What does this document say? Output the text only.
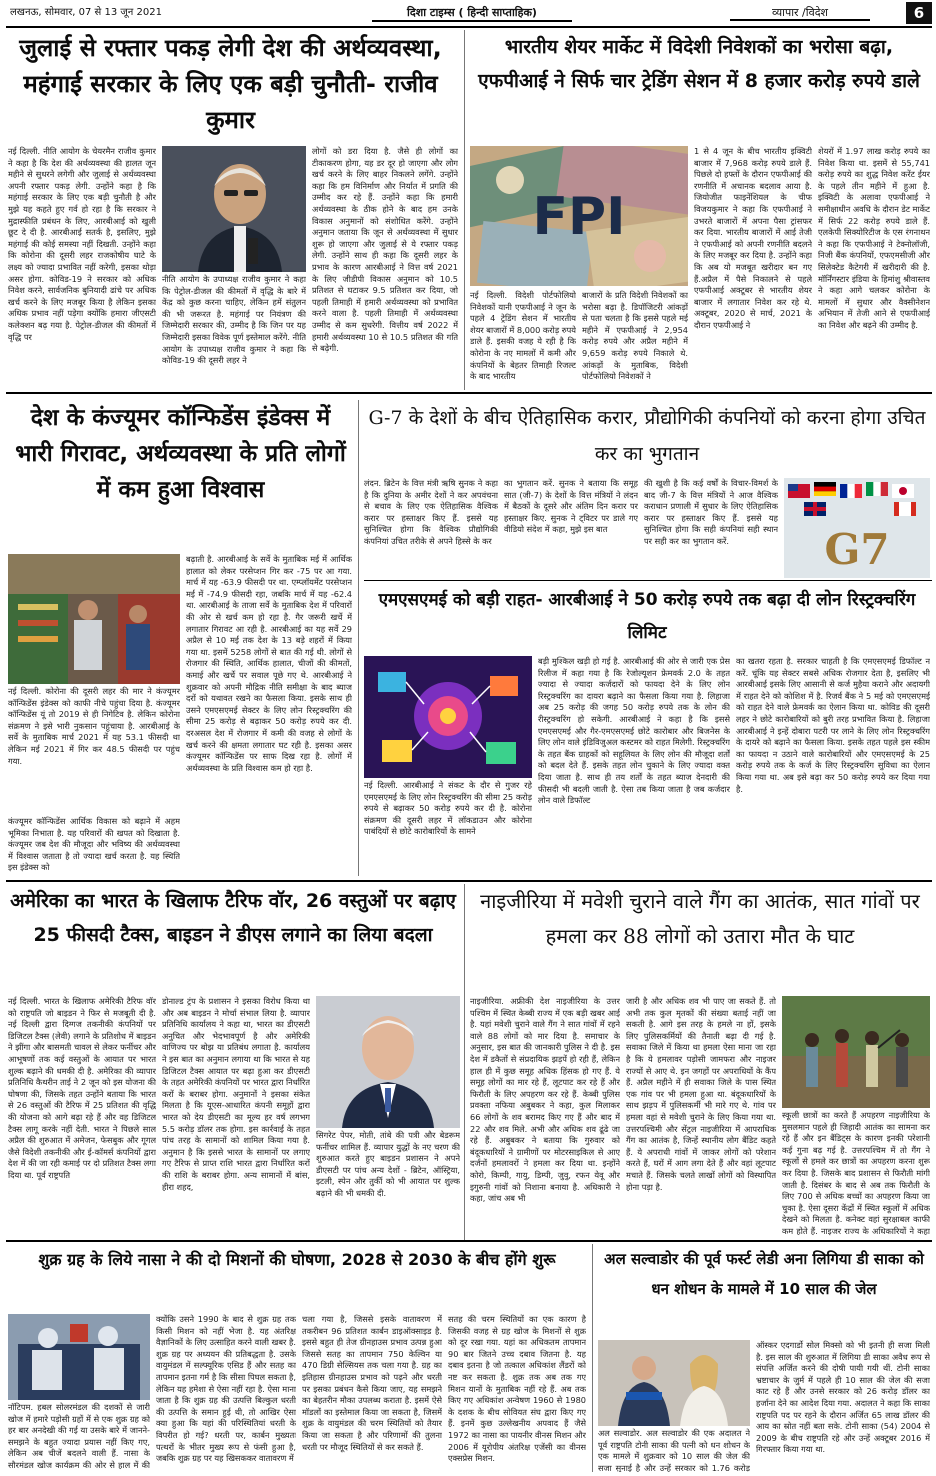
लखनऊ, सोमवार, 07 से 13 जून 2021	दिशा टाइम्स ( हिन्दी साप्ताहिक)	व्यापार /विदेश	6
जुलाई से रफ्तार पकड़ लेगी देश की अर्थव्यवस्था, महंगाई सरकार के लिए एक बड़ी चुनौती- राजीव कुमार
नई दिल्ली. नीति आयोग के चेयरमैन राजीव कुमार ने कहा है कि देश की अर्थव्यवस्था की हालत जून महीने से सुधरने लगेगी और जुलाई से अर्थव्यवस्था अपनी रफ्तार पकड़ लेगी. उन्होंने कहा है कि महंगाई सरकार के लिए एक बड़ी चुनौती है और मुझे यह कहते हुए गर्व हो रहा है कि सरकार ने मुद्रास्फीति प्रबंधन के लिए, आरबीआई को खुली छूट दे दी है. आरबीआई सतर्क है, इसलिए, मुझे महंगाई की कोई समस्या नहीं दिखती. उन्होंने कहा कि कोरोना की दूसरी लहर राजकोषीय घाटे के लक्ष्य को ज्यादा प्रभावित नहीं करेगी, इसका थोड़ा असर होगा. कोविड-19 ने सरकार को अधिक निवेश करने, सार्वजनिक बुनियादी ढांचे पर अधिक खर्च करने के लिए मजबूर किया है लेकिन इसका अधिक प्रभाव नहीं पड़ेगा क्योंकि हमारा जीएसटी कलेक्शन बढ़ गया है. पेट्रोल-डीजल की कीमतों में वृद्धि पर
नीति आयोग के उपाध्यक्ष राजीव कुमार ने कहा कि पेट्रोल-डीजल की कीमतों में वृद्धि के बारे में केंद्र को कुछ करना चाहिए, लेकिन हमें संतुलन की भी जरूरत है. महंगाई पर नियंत्रण की जिम्मेदारी सरकार की, उम्मीद है कि जिन पर यह जिम्मेदारी इसका विवेक पूर्ण इस्तेमाल करेंगे. नीति आयोग के उपाध्यक्ष राजीव कुमार ने कहा कि कोविड-19 की दूसरी लहर ने
लोगों को डरा दिया है. जैसे ही लोगों का टीकाकरण होगा, यह डर दूर हो जाएगा और लोग खर्च करने के लिए बाहर निकलने लगेंगे. उन्होंने कहा कि हम विनिर्माण और निर्यात में प्रगति की उम्मीद कर रहे हैं. उन्होंने कहा कि हमारी अर्थव्यवस्था के ठीक होने के बाद हम उनके विकास अनुमानों को संशोधित करेंगे. उन्होंने अनुमान जताया कि जून से अर्थव्यवस्था में सुधार शुरू हो जाएगा और जुलाई से ये रफ्तार पकड़ लेगी. उन्होंने साथ ही कहा कि दूसरी लहर के प्रभाव के कारण आरबीआई ने वित्त वर्ष 2021 के लिए जीडीपी विकास अनुमान को 10.5 प्रतिशत से घटाकर 9.5 प्रतिशत कर दिया, जो पहली तिमाही में हमारी अर्थव्यवस्था को प्रभावित करने वाला है. पहली तिमाही में अर्थव्यवस्था उम्मीद से कम सुधरेगी. वित्तीय वर्ष 2022 में हमारी अर्थव्यवस्था 10 से 10.5 प्रतिशत की गति से बढ़ेगी.
भारतीय शेयर मार्केट में विदेशी निवेशकों का भरोसा बढ़ा, एफपीआई ने सिर्फ चार ट्रेडिंग सेशन में 8 हजार करोड़ रुपये डाले
FPI
1 से 4 जून के बीच भारतीय इक्विटी बाजार में 7,968 करोड़ रुपये डाले हैं. पिछले दो हफ्तों के दौरान एफपीआई की रणनीति में अचानक बदलाव आया है. जियोजीत फाइनेंशियल के चीफ विजयकुमार ने कहा कि एफपीआई ने उभरते बाजारों में अपना पैसा ट्रांसफर कर दिया. भारतीय बाजारों में आई तेजी ने एफपीआई को अपनी रणनीति बदलने के लिए मजबूर कर दिया है. उन्होंने कहा कि अब यो मजबूत खरीदार बन गए हैं.अप्रैल में पैसे निकालने से पहले एफपीआई अक्टूबर से भारतीय शेयर बाजार में लगातार निवेश कर रहे थे. अक्टूबर, 2020 से मार्च, 2021 के दौरान एफपीआई ने
शेयरों में 1.97 लाख करोड़ रुपये का निवेश किया था. इसमें से 55,741 करोड़ रुपये का शुद्ध निवेश करेंट ईयर के पहले तीन महीने में हुआ है. इक्विटी के अलावा एफपीआई ने समीक्षाधीन अवधि के दौरान डेट मार्केट में सिर्फ 22 करोड़ रुपये डाले हैं. एलकेपी सिक्योरिटीज के एस रंगनाथन ने कहा कि एफपीआई ने टेक्नोलॉजी, निजी बैंक कंपनियों, एफएमसीजी और सिलेक्टेड कैटेगरी में खरीदारी की है. मॉर्निंगस्टार इंडिया के हिमांशु श्रीवास्तव ने कहा आगे चलकर कोरोना के मामलों में सुधार और वैक्सीनेशन अभियान में तेजी आने से एफपीआई का निवेश और बढ़ने की उम्मीद है.
नई दिल्ली. विदेशी पोर्टफोलियो निवेशकों यानी एफपीआई ने जून के पहले 4 ट्रेडिंग सेशन में भारतीय शेयर बाजारों में 8,000 करोड़ रुपये डाले हैं. इसकी वजह ये रही है कि कोरोना के नए मामलों में कमी और कंपनियों के बेहतर तिमाही रिजल्ट के बाद भारतीय
बाजारों के प्रति विदेशी निवेशकों का भरोसा बढ़ा है. डिपॉजिटरी आंकड़ों से पता चलता है कि इससे पहले मई महीने में एफपीआई ने 2,954 करोड़ रुपये और अप्रैल महीने में 9,659 करोड़ रुपये निकाले थे. आंकड़ों के मुताबिक, विदेशी पोर्टफोलियो निवेशकों ने
देश के कंज्यूमर कॉन्फिडेंस इंडेक्स में भारी गिरावट, अर्थव्यवस्था के प्रति लोगों में कम हुआ विश्वास
नई दिल्ली. कोरोना की दूसरी लहर की मार ने कंज्यूमर कॉन्फिडेंस इंडेक्स को काफी नीचे पहुंचा दिया है. कंज्यूमर कॉन्फिडेंस यूं तो 2019 से ही निगेटिव है. लेकिन कोरोना संक्रमण ने इसे भारी नुकसान पहुंचाया है. आरबीआई के सर्वे के मुताबिक मार्च 2021 में यह 53.1 फीसदी था लेकिन मई 2021 में गिर कर 48.5 फीसदी पर पहुंच गया.
कंज्यूमर कॉन्फिडेंस आर्थिक विकास को बढ़ाने में अहम भूमिका निभाता है. यह परिवारों की खपत को दिखाता है. कंज्यूमर जब देश की मौजूदा और भविष्य की अर्थव्यवस्था में विश्वास जताता है तो ज्यादा खर्च करता है. यह स्थिति इस इंडेक्स को
बढ़ाती है. आरबीआई के सर्वे के मुताबिक मई में आर्थिक हालात को लेकर परसेप्शन गिर कर -75 पर आ गया. मार्च में यह -63.9 फीसदी पर था. एम्प्लॉयमेंट परसेप्शन मई में -74.9 फीसदी रहा, जबकि मार्च में यह -62.4 था. आरबीआई के ताजा सर्वे के मुताबिक देश में परिवारों की ओर से खर्च कम हो रहा है. गैर जरूरी खर्चे में लगातार गिरावट आ रही है. आरबीआई का यह सर्वे 29 अप्रैल से 10 मई तक देश के 13 बड़े शहरों में किया गया था. इसमें 5258 लोगों से बात की गई थी. लोगों से रोजगार की स्थिति, आर्थिक हालात, चीजों की कीमतों, कमाई और खर्चे पर सवाल पूछे गए थे. आरबीआई ने शुक्रवार को अपनी मौद्रिक नीति समीक्षा के बाद ब्याज दरों को यथावत रखने का फैसला किया. इसके साथ ही उसने एमएसएमई सेक्टर के लिए लोन रिस्ट्रक्चरिंग की सीमा 25 करोड़ से बढ़ाकर 50 करोड़ रुपये कर दी. दरअसल देश में रोजगार में कमी की वजह से लोगों के खर्च करने की क्षमता लगातार घट रही है. इसका असर कंज्यूमर कॉन्फिडेंस पर साफ दिख रहा है. लोगों में अर्थव्यवस्था के प्रति विश्वास कम हो रहा है.
G-7 के देशों के बीच ऐतिहासिक करार, प्रौद्योगिकी कंपनियों को करना होगा उचित कर का भुगतान
लंदन. ब्रिटेन के वित्त मंत्री ऋषि सुनक ने कहा है कि दुनिया के अमीर देशों ने कर अपवंचना से बचाव के लिए एक ऐतिहासिक वैश्विक करार पर हस्ताक्षर किए हैं. इससे यह सुनिश्चित होगा कि वैश्विक प्रौद्योगिकी कंपनियां उचित तरीके से अपने हिस्से के कर
का भुगतान करें. सुनक ने बताया कि समूह सात (जी-7) के देशों के वित्त मंत्रियों ने लंदन में बैठकों के दूसरे और अंतिम दिन करार पर हस्ताक्षर किए. सुनक ने ट्विटर पर डाले गए वीडियो संदेश में कहा, मुझे इस बात
की खुशी है कि कई वर्षों के विचार-विमर्श के बाद जी-7 के वित्त मंत्रियों ने आज वैश्विक कराधान प्रणाली में सुधार के लिए ऐतिहासिक करार पर हस्ताक्षर किए हैं. इससे यह सुनिश्चित होगा कि सही कंपनियां सही स्थान पर सही कर का भुगतान करें.	G7
एमएसएमई को बड़ी राहत- आरबीआई ने 50 करोड़ रुपये तक बढ़ा दी लोन रिस्ट्रक्चरिंग लिमिट
नई दिल्ली. आरबीआई ने संकट के दौर से गुजर रहे एमएसएमई के लिए लोन रिस्ट्रक्चरिंग की सीमा 25 करोड़ रुपये से बढ़ाकर 50 करोड़ रुपये कर दी है. कोरोना संक्रमण की दूसरी लहर में लॉकडाउन और कोरोना पाबंदियों से छोटे कारोबारियों के सामने
बड़ी मुश्किल खड़ी हो गई है. आरबीआई की ओर से जारी एक प्रेस रिलीज में कहा गया है कि रेजोल्यूशन फ्रेमवर्क 2.0 के तहत ज्यादा से ज्यादा कर्जदारों को फायदा देने के लिए लोन रिस्ट्रक्चरिंग का दायरा बढ़ाने का फैसला किया गया है. लिहाजा अब 25 करोड़ की जगह 50 करोड़ रुपये तक के लोन की रीस्ट्रक्चरिंग हो सकेगी. आरबीआई ने कहा है कि इससे एमएसएमई और गैर-एमएसएमई छोटे कारोबार और बिजनेस के लिए लोन वाले इंडिविजुअल कस्टमर को राहत मिलेगी. रिस्ट्रक्चरिंग के तहत बैंक ग्राहकों को सहूलियत के लिए लोन की मौजूदा शर्तों को बदल देते हैं. इसके तहत लोन चुकाने के लिए ज्यादा वक्त दिया जाता है. साथ ही तय शर्तों के तहत ब्याज देनदारी की फीसदी भी बदली जाती है. ऐसा तब किया जाता है जब कर्जदार लोन वाले डिफॉल्ट
का खतरा रहता है. सरकार चाहती है कि एमएसएमई डिफॉल्ट न करें. चूंकि यह सेक्टर सबसे अधिक रोजगार देता है, इसलिए भी आरबीआई इसके लिए आसानी से कर्ज मुहैया कराने और अदायगी में राहत देने को कोशिश में है. रिजर्व बैंक ने 5 मई को एमएसएमई को राहत देने वाले फ्रेमवर्क का ऐलान किया था. कोविड की दूसरी लहर ने छोटे कारोबारियों को बुरी तरह प्रभावित किया है. लिहाजा आरबीआई ने इन्हें दोबारा पटरी पर लाने के लिए लोन रिस्ट्रक्चरिंग के दायरे को बढ़ाने का फैसला किया. इसके तहत पहले इस स्कीम का फायदा न उठाने वाले कारोबारियों और एमएसएमई के 25 करोड़ रुपये तक के कर्ज के लिए रिस्ट्रक्चरिंग सुविधा का ऐलान किया गया था. अब इसे बढ़ा कर 50 करोड़ रुपये कर दिया गया है.
अमेरिका का भारत के खिलाफ टैरिफ वॉर, 26 वस्तुओं पर बढ़ाए 25 फीसदी टैक्स, बाइडन ने डीएस लगाने का लिया बदला
नई दिल्ली. भारत के खिलाफ अमेरिकी टैरिफ वॉर को राष्ट्रपति जो बाइडन ने फिर से मजबूती दी है. नई दिल्ली द्वारा दिग्गज तकनीकी कंपनियों पर डिजिटल टैक्स (लेवी) लगाने के प्रतिशोध में बाइडन ने झींगा और बासमती चावल से लेकर फर्नीचर और आभूषणों तक कई वस्तुओं के आयात पर भारत शुल्क बढ़ाने की धमकी दी है. अमेरिका की व्यापार प्रतिनिधि कैथरीन ताई ने 2 जून को इस योजना की घोषणा की, जिसके तहत उन्होंने बताया कि भारत से 26 वस्तुओं की टैरिफ में 25 प्रतिशत की वृद्धि की योजना को आगे बढ़ा रहे हैं और वह डिजिटल टैक्स लागू करके नहीं देती. भारत ने पिछले साल अप्रैल की शुरुआत में अमेजन, फेसबुक और गूगल जैसे विदेशी तकनीकी और ई-कॉमर्स कंपनियों द्वारा देश में की जा रही कमाई पर दो प्रतिशत टैक्स लगा दिया था. पूर्व राष्ट्रपति
डोनाल्ड ट्रंप के प्रशासन ने इसका विरोध किया था और अब बाइडन ने मोर्चा संभाल लिया है. व्यापार प्रतिनिधि कार्यालय ने कहा था, भारत का डीएसटी अनुचित और भेदभावपूर्ण है और अमेरिकी वाणिज्य पर बोझ या प्रतिबंध लगाता है. कार्यालय ने इस बात का अनुमान लगाया था कि भारत से यह डिजिटल टैक्स आयात पर बढ़ा हुआ कर डीएसटी के तहत अमेरिकी कंपनियों पर भारत द्वारा निर्धारित करों के बराबर होगा. अनुमानों ने इसका संकेत मिलता है कि यूएस-आधारित कंपनी समूहों द्वारा भारत को देय डीएसटी का मूल्य हर वर्ष लगभग 5.5 करोड़ डॉलर तक होगा. इस कार्रवाई के तहत पांच तरह के सामानों को शामिल किया गया है. अनुमान है कि इससे भारत के सामानों पर लगाए गए टैरिफ से प्राप्त राशि भारत द्वारा निर्धारित करों की राशि के बराबर होगा. अन्य सामानों में बांस, हीरा शहद,
सिगरेट पेपर, मोती, तांबे की पत्री और बेडरूम फर्नीचर शामिल हैं. व्यापार युद्धों के नए चरण की शुरुआत करते हुए बाइडन प्रशासन ने अपने डीएसटी पर पांच अन्य देशों - ब्रिटेन, ऑस्ट्रिया, इटली, स्पेन और तुर्की को भी आयात पर शुल्क बढ़ाने की भी धमकी दी.
नाइजीरिया में मवेशी चुराने वाले गैंग का आतंक, सात गांवों पर हमला कर 88 लोगों को उतारा मौत के घाट
नाइजीरिया. अफ्रीकी देश नाइजीरिया के उत्तर पश्चिम में स्थित केब्बी राज्य में एक बड़ी खबर आई है. यहां मवेशी चुराने वाले गैंग ने सात गांवों में रहने वाले 88 लोगों को मार दिया है. समाचार के अनुसार, इस बात की जानकारी पुलिस ने दी है. इस देश में डकैतों से संप्रदायिक झड़पें हो रही हैं, लेकिन हाल ही में कुछ समूह अधिक हिंसक हो गए हैं. ये समूह लोगों का मार रहे हैं, लूटपाट कर रहे हैं और फिरौती के लिए अपहरण कर रहे हैं. केब्बी पुलिस प्रवक्ता नफिया अबुबकर ने कहा, कुल मिलाकर 66 लोगों के शव बरामद किए गए हैं और बाद में 22 और शव मिले. अभी और अधिक शव ढूंढे जा रहे हैं. अबुबकर ने बताया कि गुरुवार को बंदूकधारियों ने ग्रामीणों पर मोटरसाइकिल से आए दर्जनों हमलावरों ने हमला कर दिया था. इन्होंने कोरो, किम्पी, गायु, डिम्पी, जुवु, रफन येवू और इगुरुनी गांवों को निशाना बनाया है. अधिकारी ने कहा, जांच अब भी
जारी है और अधिक शव भी पाए जा सकते हैं. तो अभी तक कुल मृतकों की संख्या बताई नहीं जा सकती है. आगे इस तरह के हमले ना हों, इसके लिए पुलिसकर्मियों की तैनाती बढ़ा दी गई है. सवाका जिले में किया था हमला ऐसा माना जा रहा है कि ये हमलावर पड़ोसी जामफरा और नाइजर राज्यों से आए थे. इन जगहों पर अपराधियों के कैंप हैं. अप्रैल महीने में ही सवाका जिले के पास स्थित एक गांव पर भी हमला हुआ था. बंदूकधारियों के साथ झड़प में पुलिसकर्मी भी मारे गए थे. गांव पर हमला वहां से मवेशी चुराने के लिए किया गया था. उत्तरपश्चिमी और सेंट्रल नाइजीरिया में आपराधिक गैंग का आतंक है, जिन्हें स्थानीय लोग बैंडिट कहते हैं. ये अपराधी गांवों में जाकर लोगों को परेशान करते हैं, घरों में आग लगा देते हैं और वहां लूटपाट मचाते हैं. जिसके चलते लाखों लोगों को विस्थापित होना पड़ा है.
स्कूली छात्रों का करते हैं अपहरण नाइजीरिया के मुसलमान पहले ही जिहादी आतंक का सामना कर रहे हैं और इन बैंडिट्स के कारण इनकी परेशानी कई गुना बढ़ गई है. उत्तरपश्चिम में तो गैंग ने स्कूलों से हमले कर छात्रों का अपहरण करना शुरू कर दिया है. जिसके बाद प्रशासन से फिरौती मांगी जाती है. दिसंबर के बाद से अब तक फिरौती के लिए 700 से अधिक बच्चों का अपहरण किया जा चुका है. ऐसा दूसरा केंद्रों में स्थित स्कूलों में अधिक देखने को मिलता है. कनेक्ट वहां सुरक्षाबल काफी कम होते हैं. नाइजर राज्य के अधिकारियों ने कहा
शुक्र ग्रह के लिये नासा ने की दो मिशनों की घोषणा, 2028 से 2030 के बीच होंगे शुरू
नॉटिपम. हबल सोलरमंडल की दशकों से जारी खोज में हमारे पड़ोसी ग्रहों में से एक शुक्र ग्रह को हर बार अनदेखी की गई या उसके बारे में जानने-समझने के बहुत ज्यादा प्रयास नहीं किए गए, लेकिन अब चीजें बदलने वाली हैं. नासा के सौरमंडल खोज कार्यक्रम की ओर से हाल में की
क्योंकि उसने 1990 के बाद से शुक्र ग्रह तक किसी मिशन को नहीं भेजा है. यह अंतरिक्ष वैज्ञानिकों के लिए उत्साहित करने वाली खबर है. शुक्र ग्रह पर अध्ययन की प्रतिबद्धता है. उसके वायुमंडल में सल्फ्यूरिक एसिड हैं और सतह का तापमान इतना गर्म है कि सीसा पिघल सकता है, लेकिन यह हमेशा से ऐसा नहीं रहा है. ऐसा माना जाता है कि शुक्र ग्रह की उत्पत्ति बिल्कुल धरती की उत्पत्ति के समान हुई थी, तो आखिर ऐसा क्या हुआ कि यहां की परिस्थितियां धरती के विपरीत हो गई? धरती पर, कार्बन मुख्यतः पत्थरों के भीतर मुख्य रूप से फंसी हुआ है, जबकि शुक्र ग्रह पर यह खिसककर वातावरण में
चला गया है, जिससे इसके वातावरण में तकरीबन 96 प्रतिशत कार्बन डाइऑक्साइड है. इससे बहुत ही तेज ग्रीनहाउस प्रभाव उत्पन्न हुआ जिससे सतह का तापमान 750 केल्विन या 470 डिग्री सेल्सियस तक चला गया है. ग्रह का इतिहास ग्रीनहाउस प्रभाव को पढ़ने और धरती पर इसका प्रबंधन कैसे किया जाए, यह समझने का बेहतरीन मौका उपलब्ध कराता है. इसमें ऐसे मॉडलों का इस्तेमाल किया जा सकता है, जिसमें शुक्र के वायुमंडल की चरम स्थितियों को तैयार किया जा सकता है और परिणामों की तुलना धरती पर मौजूद स्थितियों से कर सकते हैं.
सतह की चरम स्थितियों का एक कारण है जिसकी वजह से ग्रह खोज के मिशनों से शुक्र को दूर रखा गया. यहां का अधिकतम तापमान 90 बार जितने उच्च दबाव जितना है. यह दबाव इतना है जो तत्काल अधिकांश लैंडरों को नष्ट कर सकता है. शुक्र तक अब तक गए मिशन यानों के मुताबिक नहीं रहे हैं. अब तक किए गए अधिकांश अन्वेषण 1960 से 1980 के दशक के बीच सोवियत संघ द्वारा किए गए हैं. इनमें कुछ उल्लेखनीय अपवाद हैं जैसे 1972 का नासा का पायनीर वीनस मिशन और 2006 में यूरोपीय अंतरिक्ष एजेंसी का वीनस एक्सप्रेस मिशन.
अल सल्वाडोर की पूर्व फर्स्ट लेडी अना लिगिया डी साका को धन शोधन के मामले में 10 साल की जेल
अल सल्वाडोर. अल सल्वाडोर की एक अदालत ने पूर्व राष्ट्रपति टोनी साका की पत्नी को धन शोधन के एक मामले में शुक्रवार को 10 साल की जेल की सजा सुनाई है और उन्हें सरकार को 1.76 करोड़
ऑस्कर एदगार्डो सोल मिक्सो को भी इतनी ही सजा मिली है. इस साल की शुरुआत में लिगिया डी साका अवैध रूप से संपत्ति अर्जित करने की दोषी पायी गयी थीं. टोनी साका भ्रष्टाचार के जुर्म में पहले ही 10 साल की जेल की सजा काट रहे हैं और उनसे सरकार को 26 करोड़ डॉलर का हर्जाना देने का आदेश दिया गया. अदालत ने कहा कि साका राष्ट्रपति पद पर रहने के दौरान अर्जित 65 लाख डॉलर की आय का स्रोत नहीं बता सके. टोनी साका (54) 2004 से 2009 के बीच राष्ट्रपति रहे और उन्हें अक्टूबर 2016 में गिरफ्तार किया गया था.
